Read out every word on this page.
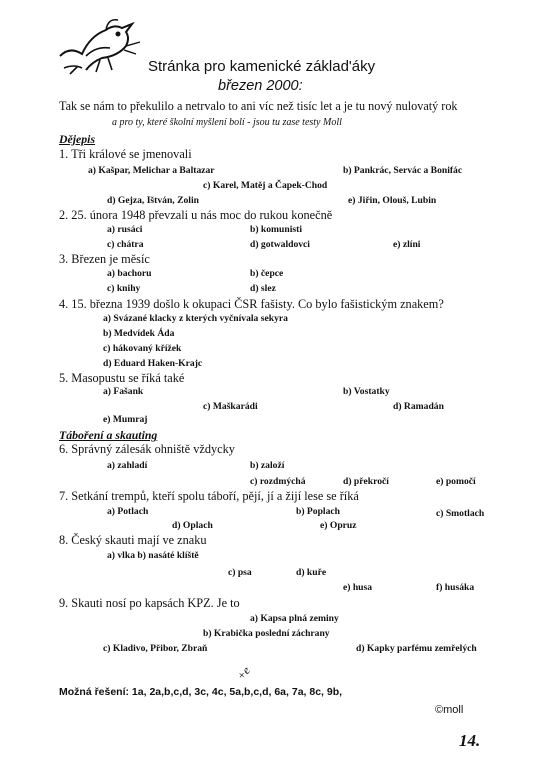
Stránka pro kamenické základ'áky
březen 2000:
Tak se nám to překulilo a netrvalo to ani víc než tisíc let a je tu nový nulovatý rok
a pro ty, které školní myšlení bolí - jsou tu zase testy Moll
Dějepis
1. Tři králové se jmenovali
a) Kašpar, Melichar a Baltazar	b) Pankrác, Servác a Bonifác
c) Karel, Matěj a Čapek-Chod
d) Gejza, Ištván, Zolin	e) Jiřin, Olouš, Lubin
2. 25. února 1948 převzali u nás moc do rukou konečně
a) rusáci	b) komunisti
c) chátra	d) gotwaldovci	e) zlíni
3. Březen je měsíc
a) bachoru	b) čepce
c) knihy	d) slez
4. 15. března 1939 došlo k okupaci ČSR fašisty. Co bylo fašistickým znakem?
a) Svázané klacky z kterých vyčnívala sekyra
b) Medvídek Áda
c) hákovaný křížek
d) Eduard Haken-Krajc
5. Masopustu se říká také
a) Fašank	b) Vostatky
c) Maškarádi	d) Ramadán
e) Mumraj
Táboření a skauting
6. Správný zálesák ohniště vždycky
a) zahladí	b) založí
c) rozdmýchá	d) překročí	e) pomočí
7. Setkání trempů, kteří spolu táboří, pějí, jí a žijí lese se říká
a) Potlach	b) Poplach	c) Smotlach
d) Oplach	e) Opruz
8. Český skauti mají ve znaku
a) vlka b) nasáté klíště
c) psa	d) kuře
e) husa	f) husáka
9. Skauti nosí po kapsách KPZ. Je to
a) Kapsa plná zeminy
b) Krabička poslední záchrany
c) Kladivo, Přibor, Zbraň	d) Kapky parfému zemřelých
Možná řešení: 1a, 2a,b,c,d, 3c, 4c, 5a,b,c,d, 6a, 7a, 8c, 9b,
+e
©moll
14.
